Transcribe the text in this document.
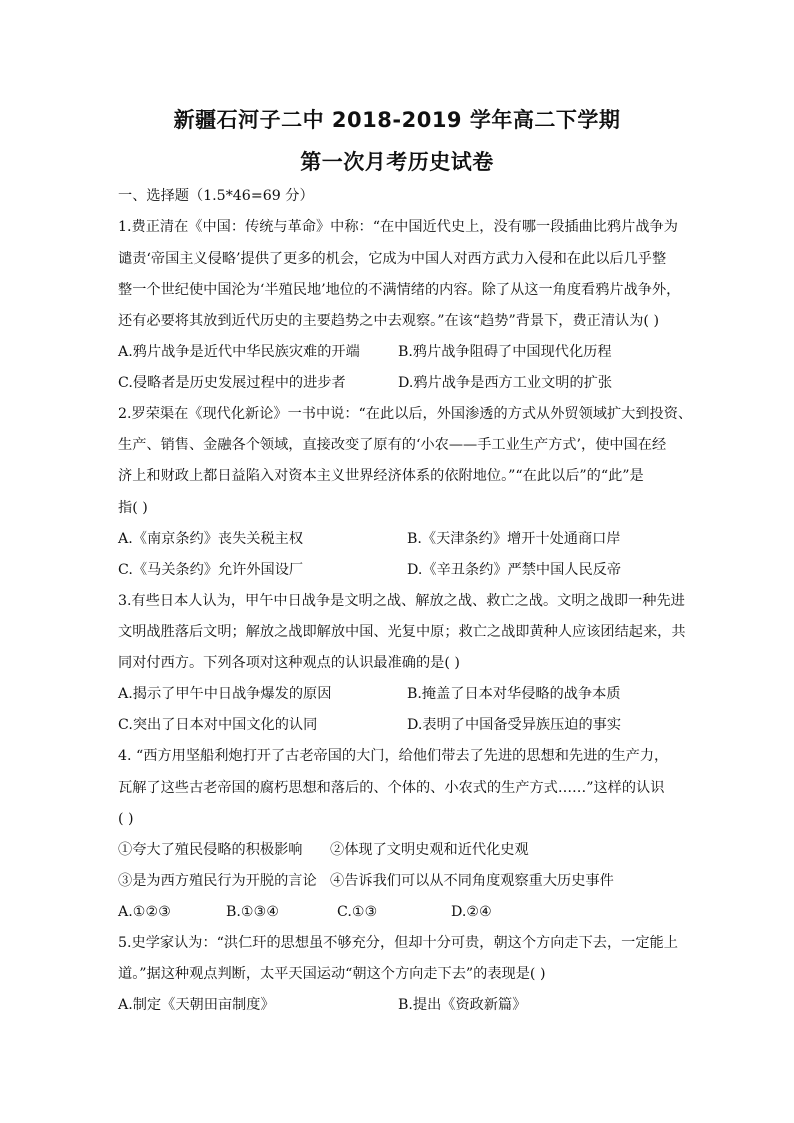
新疆石河子二中 2018-2019 学年高二下学期
第一次月考历史试卷
一、选择题（1.5*46=69 分）
1.费正清在《中国：传统与革命》中称：“在中国近代史上，没有哪一段插曲比鸦片战争为
谴责‘帝国主义侵略’提供了更多的机会，它成为中国人对西方武力入侵和在此以后几乎整
整一个世纪使中国沦为‘半殖民地’地位的不满情绪的内容。除了从这一角度看鸦片战争外，
还有必要将其放到近代历史的主要趋势之中去观察。”在该“趋势”背景下，费正清认为( )
A.鸦片战争是近代中华民族灾难的开端	B.鸦片战争阻碍了中国现代化历程
C.侵略者是历史发展过程中的进步者	D.鸦片战争是西方工业文明的扩张
2.罗荣渠在《现代化新论》一书中说：“在此以后，外国渗透的方式从外贸领域扩大到投资、
生产、销售、金融各个领域，直接改变了原有的‘小农——手工业生产方式’，使中国在经
济上和财政上都日益陷入对资本主义世界经济体系的依附地位。”“在此以后”的“此”是
指( )
A.《南京条约》丧失关税主权	B.《天津条约》增开十处通商口岸
C.《马关条约》允许外国设厂	D.《辛丑条约》严禁中国人民反帝
3.有些日本人认为，甲午中日战争是文明之战、解放之战、救亡之战。文明之战即一种先进
文明战胜落后文明；解放之战即解放中国、光复中原；救亡之战即黄种人应该团结起来，共
同对付西方。下列各项对这种观点的认识最准确的是( )
A.揭示了甲午中日战争爆发的原因	B.掩盖了日本对华侵略的战争本质
C.突出了日本对中国文化的认同	D.表明了中国备受异族压迫的事实
4. “西方用坚船利炮打开了古老帝国的大门，给他们带去了先进的思想和先进的生产力，
瓦解了这些古老帝国的腐朽思想和落后的、个体的、小农式的生产方式……”这样的认识
( )
①夸大了殖民侵略的积极影响 ②体现了文明史观和近代化史观
③是为西方殖民行为开脱的言论 ④告诉我们可以从不同角度观察重大历史事件
A.①②③	B.①③④	C.①③	D.②④
5.史学家认为：“洪仁玕的思想虽不够充分，但却十分可贵，朝这个方向走下去，一定能上
道。”据这种观点判断，太平天国运动“朝这个方向走下去”的表现是( )
A.制定《天朝田亩制度》	B.提出《资政新篇》
